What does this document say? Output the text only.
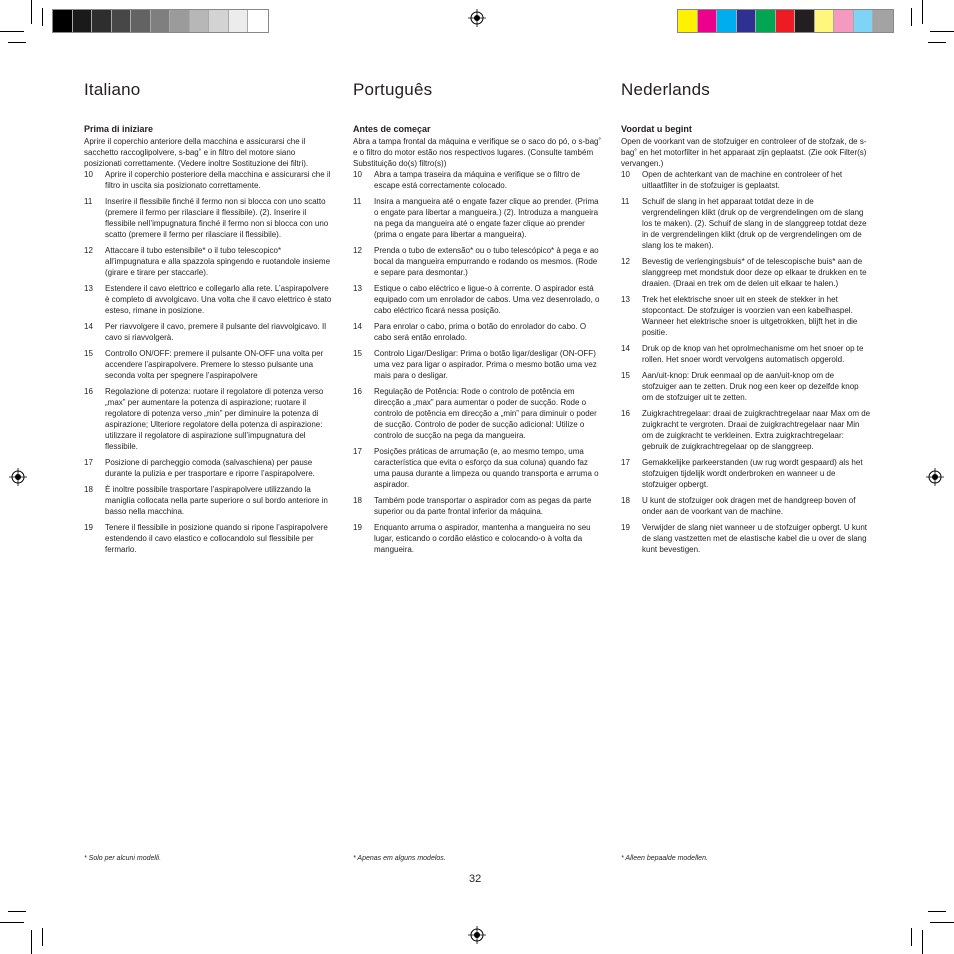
Italiano
Prima di iniziare

Aprire il coperchio anteriore della macchina e assicurarsi che il sacchetto raccoglipolvere, s-bag˚ e in filtro del motore siano posizionati correttamente. (Vedere inoltre Sostituzione dei filtri).

10	Aprire il coperchio posteriore della macchina e assicurarsi che il filtro in uscita sia posizionato correttamente.
11	Inserire il flessibile finché il fermo non si blocca con uno scatto (premere il fermo per rilasciare il flessibile). (2). Inserire il flessibile nell’impugnatura finché il fermo non si blocca con uno scatto (premere il fermo per rilasciare il flessibile).
12	Attaccare il tubo estensibile* o il tubo telescopico* all’impugnatura e alla spazzola spingendo e ruotandole insieme (girare e tirare per staccarle).
13	Estendere il cavo elettrico e collegarlo alla rete. L’aspirapolvere è completo di avvolgicavo. Una volta che il cavo elettrico è stato esteso, rimane in posizione.
14	Per riavvolgere il cavo, premere il pulsante del riavvolgicavo. Il cavo si riavvolgerà.
15	Controllo ON/OFF: premere il pulsante ON-OFF una volta per accendere l’aspirapolvere. Premere lo stesso pulsante una seconda volta per spegnere l’aspirapolvere
16	Regolazione di potenza: ruotare il regolatore di potenza verso „max” per aumentare la potenza di aspirazione; ruotare il regolatore di potenza verso „min” per diminuire la potenza di aspirazione; Ulteriore regolatore della potenza di aspirazione: utilizzare il regolatore di aspirazione sull’impugnatura del flessibile.
17	Posizione di parcheggio comoda (salvaschiena) per pause durante la pulizia e per trasportare e riporre l’aspirapolvere.
18	È inoltre possibile trasportare l’aspirapolvere utilizzando la maniglia collocata nella parte superiore o sul bordo anteriore in basso nella macchina.
19	Tenere il flessibile in posizione quando si ripone l’aspirapolvere estendendo il cavo elastico e collocandolo sul flessibile per fermarlo.
Português
Antes de começar

Abra a tampa frontal da máquina e verifique se o saco do pó, o s-bag˚ e o filtro do motor estão nos respectivos lugares. (Consulte também Substituição do(s) filtro(s))

10	Abra a tampa traseira da máquina e verifique se o filtro de escape está correctamente colocado.
11	Insira a mangueira até o engate fazer clique ao prender. (Prima o engate para libertar a mangueira.) (2). Introduza a mangueira na pega da mangueira até o engate fazer clique ao prender (prima o engate para libertar a mangueira).
12	Prenda o tubo de extensão* ou o tubo telescópico* à pega e ao bocal da mangueira empurrando e rodando os mesmos. (Rode e separe para desmontar.)
13	Estique o cabo eléctrico e ligue-o à corrente. O aspirador está equipado com um enrolador de cabos. Uma vez desenrolado, o cabo eléctrico ficará nessa posição.
14	Para enrolar o cabo, prima o botão do enrolador do cabo. O cabo será então enrolado.
15	Controlo Ligar/Desligar: Prima o botão ligar/desligar (ON-OFF) uma vez para ligar o aspirador. Prima o mesmo botão uma vez mais para o desligar.
16	Regulação de Potência: Rode o controlo de potência em direcção a „max” para aumentar o poder de sucção. Rode o controlo de potência em direcção a „min” para diminuir o poder de sucção. Controlo de poder de sucção adicional: Utilize o controlo de sucção na pega da mangueira.
17	Posições práticas de arrumação (e, ao mesmo tempo, uma característica que evita o esforço da sua coluna) quando faz uma pausa durante a limpeza ou quando transporta e arruma o aspirador.
18	Também pode transportar o aspirador com as pegas da parte superior ou da parte frontal inferior da máquina.
19	Enquanto arruma o aspirador, mantenha a mangueira no seu lugar, esticando o cordão elástico e colocando-o à volta da mangueira.
Nederlands
Voordat u begint

Open de voorkant van de stofzuiger en controleer of de stofzak, de s-bag˚ en het motorfilter in het apparaat zijn geplaatst. (Zie ook Filter(s) vervangen.)

10	Open de achterkant van de machine en controleer of het uitlaatfilter in de stofzuiger is geplaatst.
11	Schuif de slang in het apparaat totdat deze in de vergrendelingen klikt (druk op de vergrendelingen om de slang los te maken). (2). Schuif de slang in de slanggreep totdat deze in de vergrendelingen klikt (druk op de vergrendelingen om de slang los te maken).
12	Bevestig de verlengingsbuis* of de telescopische buis* aan de slanggreep met mondstuk door deze op elkaar te drukken en te draaien. (Draai en trek om de delen uit elkaar te halen.)
13	Trek het elektrische snoer uit en steek de stekker in het stopcontact. De stofzuiger is voorzien van een kabelhaspel. Wanneer het elektrische snoer is uitgetrokken, blijft het in die positie.
14	Druk op de knop van het oprolmechanisme om het snoer op te rollen. Het snoer wordt vervolgens automatisch opgerold.
15	Aan/uit-knop: Druk eenmaal op de aan/uit-knop om de stofzuiger aan te zetten. Druk nog een keer op dezelfde knop om de stofzuiger uit te zetten.
16	Zuigkrachtregelaar: draai de zuigkrachtregelaar naar Max om de zuigkracht te vergroten. Draai de zuigkrachtregelaar naar Min om de zuigkracht te verkleinen. Extra zuigkrachtregelaar: gebruik de zuigkrachtregelaar op de slanggreep.
17	Gemakkelijke parkeerstanden (uw rug wordt gespaard) als het stofzuigen tijdelijk wordt onderbroken en wanneer u de stofzuiger opbergt.
18	U kunt de stofzuiger ook dragen met de handgreep boven of onder aan de voorkant van de machine.
19	Verwijder de slang niet wanneer u de stofzuiger opbergt. U kunt de slang vastzetten met de elastische kabel die u over de slang kunt bevestigen.
* Solo per alcuni modelli.	* Apenas em alguns modelos.	* Alleen bepaalde modellen.
32
